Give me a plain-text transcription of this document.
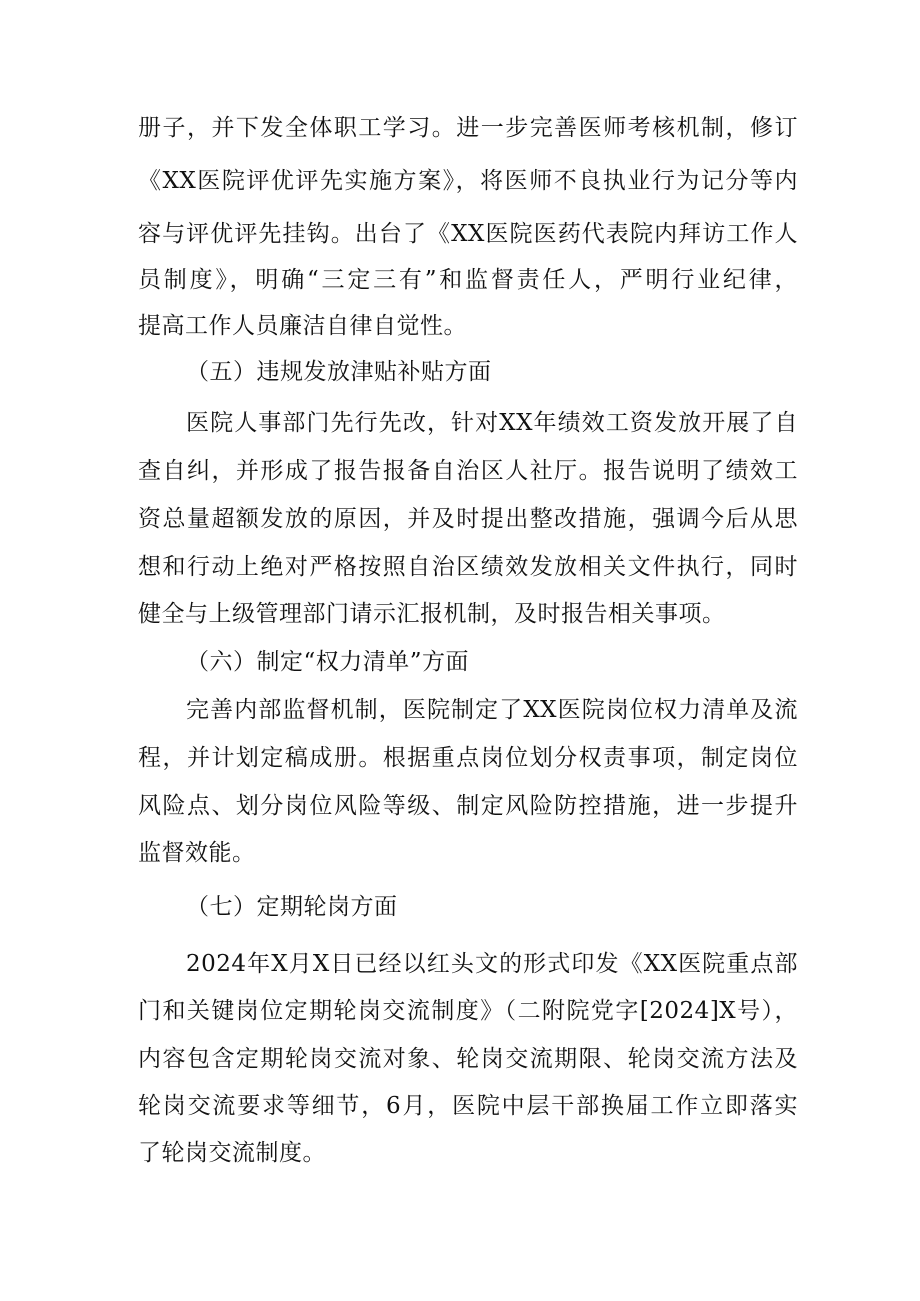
册子，并下发全体职工学习。进一步完善医师考核机制，修订
《XX医院评优评先实施方案》，将医师不良执业行为记分等内
容与评优评先挂钩。出台了《XX医院医药代表院内拜访工作人
员制度》，明确“三定三有”和监督责任人，严明行业纪律，
提高工作人员廉洁自律自觉性。
（五）违规发放津贴补贴方面
医院人事部门先行先改，针对XX年绩效工资发放开展了自
查自纠，并形成了报告报备自治区人社厅。报告说明了绩效工
资总量超额发放的原因，并及时提出整改措施，强调今后从思
想和行动上绝对严格按照自治区绩效发放相关文件执行，同时
健全与上级管理部门请示汇报机制，及时报告相关事项。
（六）制定“权力清单”方面
完善内部监督机制，医院制定了XX医院岗位权力清单及流
程，并计划定稿成册。根据重点岗位划分权责事项，制定岗位
风险点、划分岗位风险等级、制定风险防控措施，进一步提升
监督效能。
（七）定期轮岗方面
2024年X月X日已经以红头文的形式印发《XX医院重点部
门和关键岗位定期轮岗交流制度》（二附院党字[2024]X号），
内容包含定期轮岗交流对象、轮岗交流期限、轮岗交流方法及
轮岗交流要求等细节，6月，医院中层干部换届工作立即落实
了轮岗交流制度。
